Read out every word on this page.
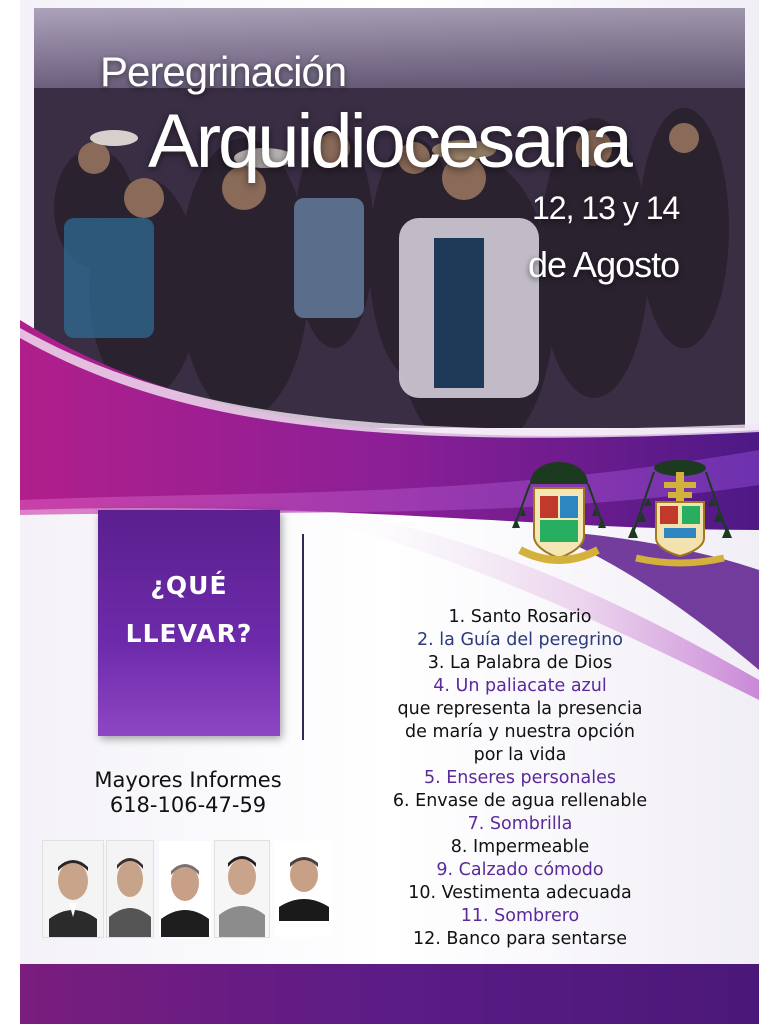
Peregrinación
Arquidiocesana
12, 13 y 14
de Agosto
¿QUÉ
LLEVAR?
1. Santo Rosario
2. la Guía del peregrino
3. La Palabra de Dios
4. Un paliacate azul
que representa la presencia
de maría y nuestra opción
por la vida
5. Enseres personales
6. Envase de agua rellenable
7. Sombrilla
8. Impermeable
9. Calzado cómodo
10. Vestimenta adecuada
11. Sombrero
12. Banco para sentarse
Mayores Informes
618-106-47-59
